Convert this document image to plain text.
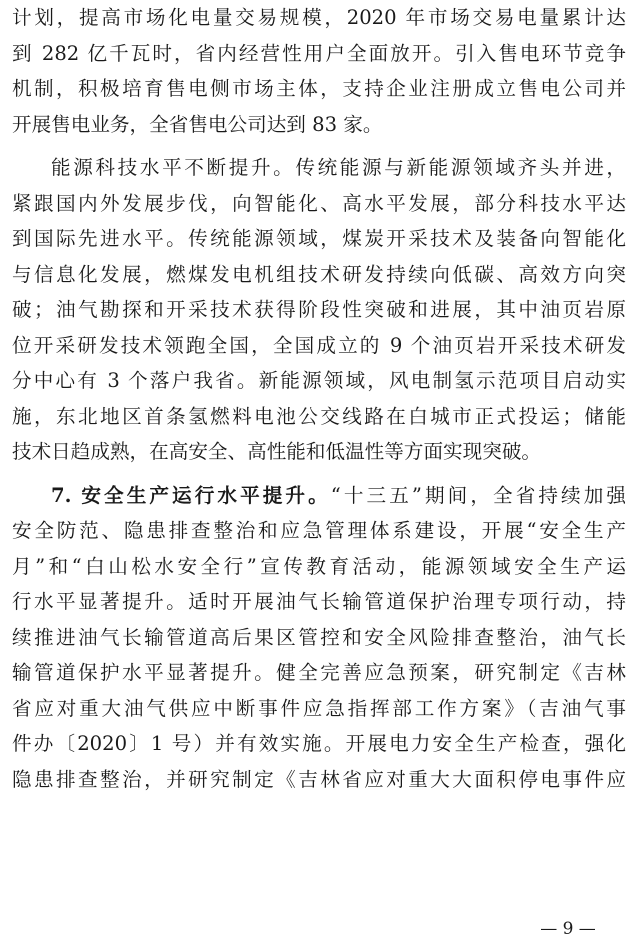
计划，提高市场化电量交易规模，2020 年市场交易电量累计达
到 282 亿千瓦时，省内经营性用户全面放开。引入售电环节竞争
机制，积极培育售电侧市场主体，支持企业注册成立售电公司并
开展售电业务，全省售电公司达到 83 家。
能源科技水平不断提升。传统能源与新能源领域齐头并进，
紧跟国内外发展步伐，向智能化、高水平发展，部分科技水平达
到国际先进水平。传统能源领域，煤炭开采技术及装备向智能化
与信息化发展，燃煤发电机组技术研发持续向低碳、高效方向突
破；油气勘探和开采技术获得阶段性突破和进展，其中油页岩原
位开采研发技术领跑全国，全国成立的 9 个油页岩开采技术研发
分中心有 3 个落户我省。新能源领域，风电制氢示范项目启动实
施，东北地区首条氢燃料电池公交线路在白城市正式投运；储能
技术日趋成熟，在高安全、高性能和低温性等方面实现突破。
7. 安全生产运行水平提升。“十三五”期间，全省持续加强
安全防范、隐患排查整治和应急管理体系建设，开展“安全生产
月”和“白山松水安全行”宣传教育活动，能源领域安全生产运
行水平显著提升。适时开展油气长输管道保护治理专项行动，持
续推进油气长输管道高后果区管控和安全风险排查整治，油气长
输管道保护水平显著提升。健全完善应急预案，研究制定《吉林
省应对重大油气供应中断事件应急指挥部工作方案》（吉油气事
件办〔2020〕1 号）并有效实施。开展电力安全生产检查，强化
隐患排查整治，并研究制定《吉林省应对重大大面积停电事件应
— 9 —
